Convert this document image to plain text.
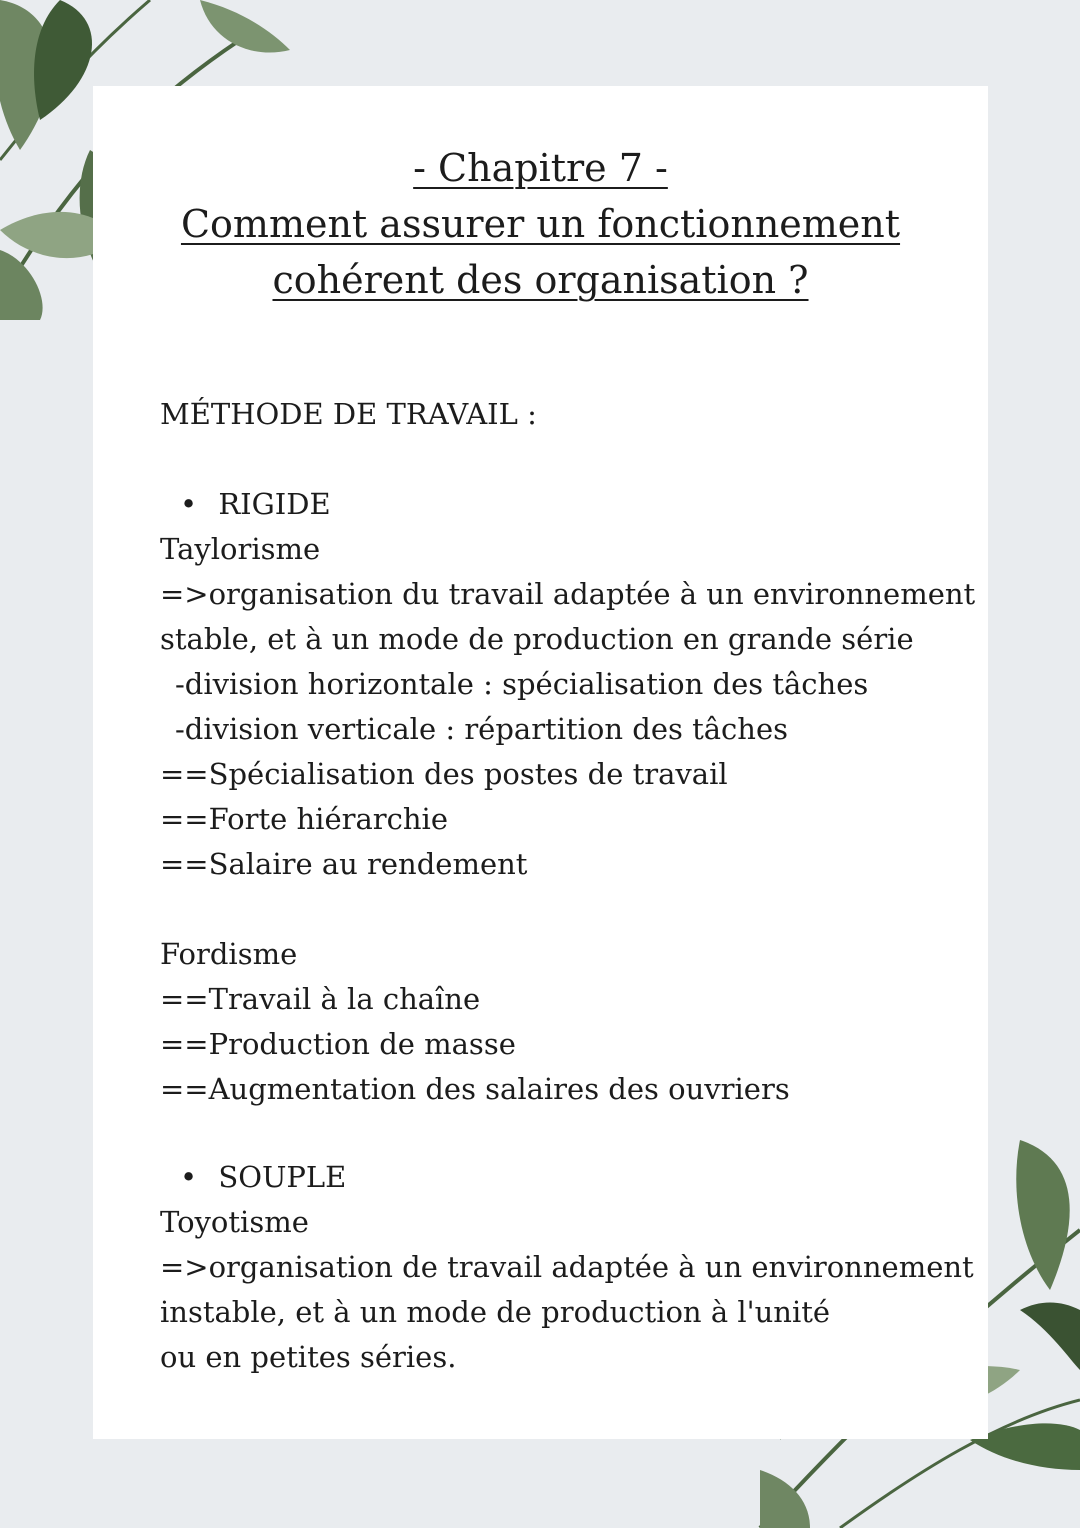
- Chapitre 7 -
Comment assurer un fonctionnement
cohérent des organisation ?
MÉTHODE DE TRAVAIL :
• RIGIDE
Taylorisme
=>organisation du travail adaptée à un environnement
stable, et à un mode de production en grande série
-division horizontale : spécialisation des tâches
-division verticale : répartition des tâches
==Spécialisation des postes de travail
==Forte hiérarchie
==Salaire au rendement
Fordisme
==Travail à la chaîne
==Production de masse
==Augmentation des salaires des ouvriers
• SOUPLE
Toyotisme
=>organisation de travail adaptée à un environnement
instable, et à un mode de production à l'unité
ou en petites séries.
